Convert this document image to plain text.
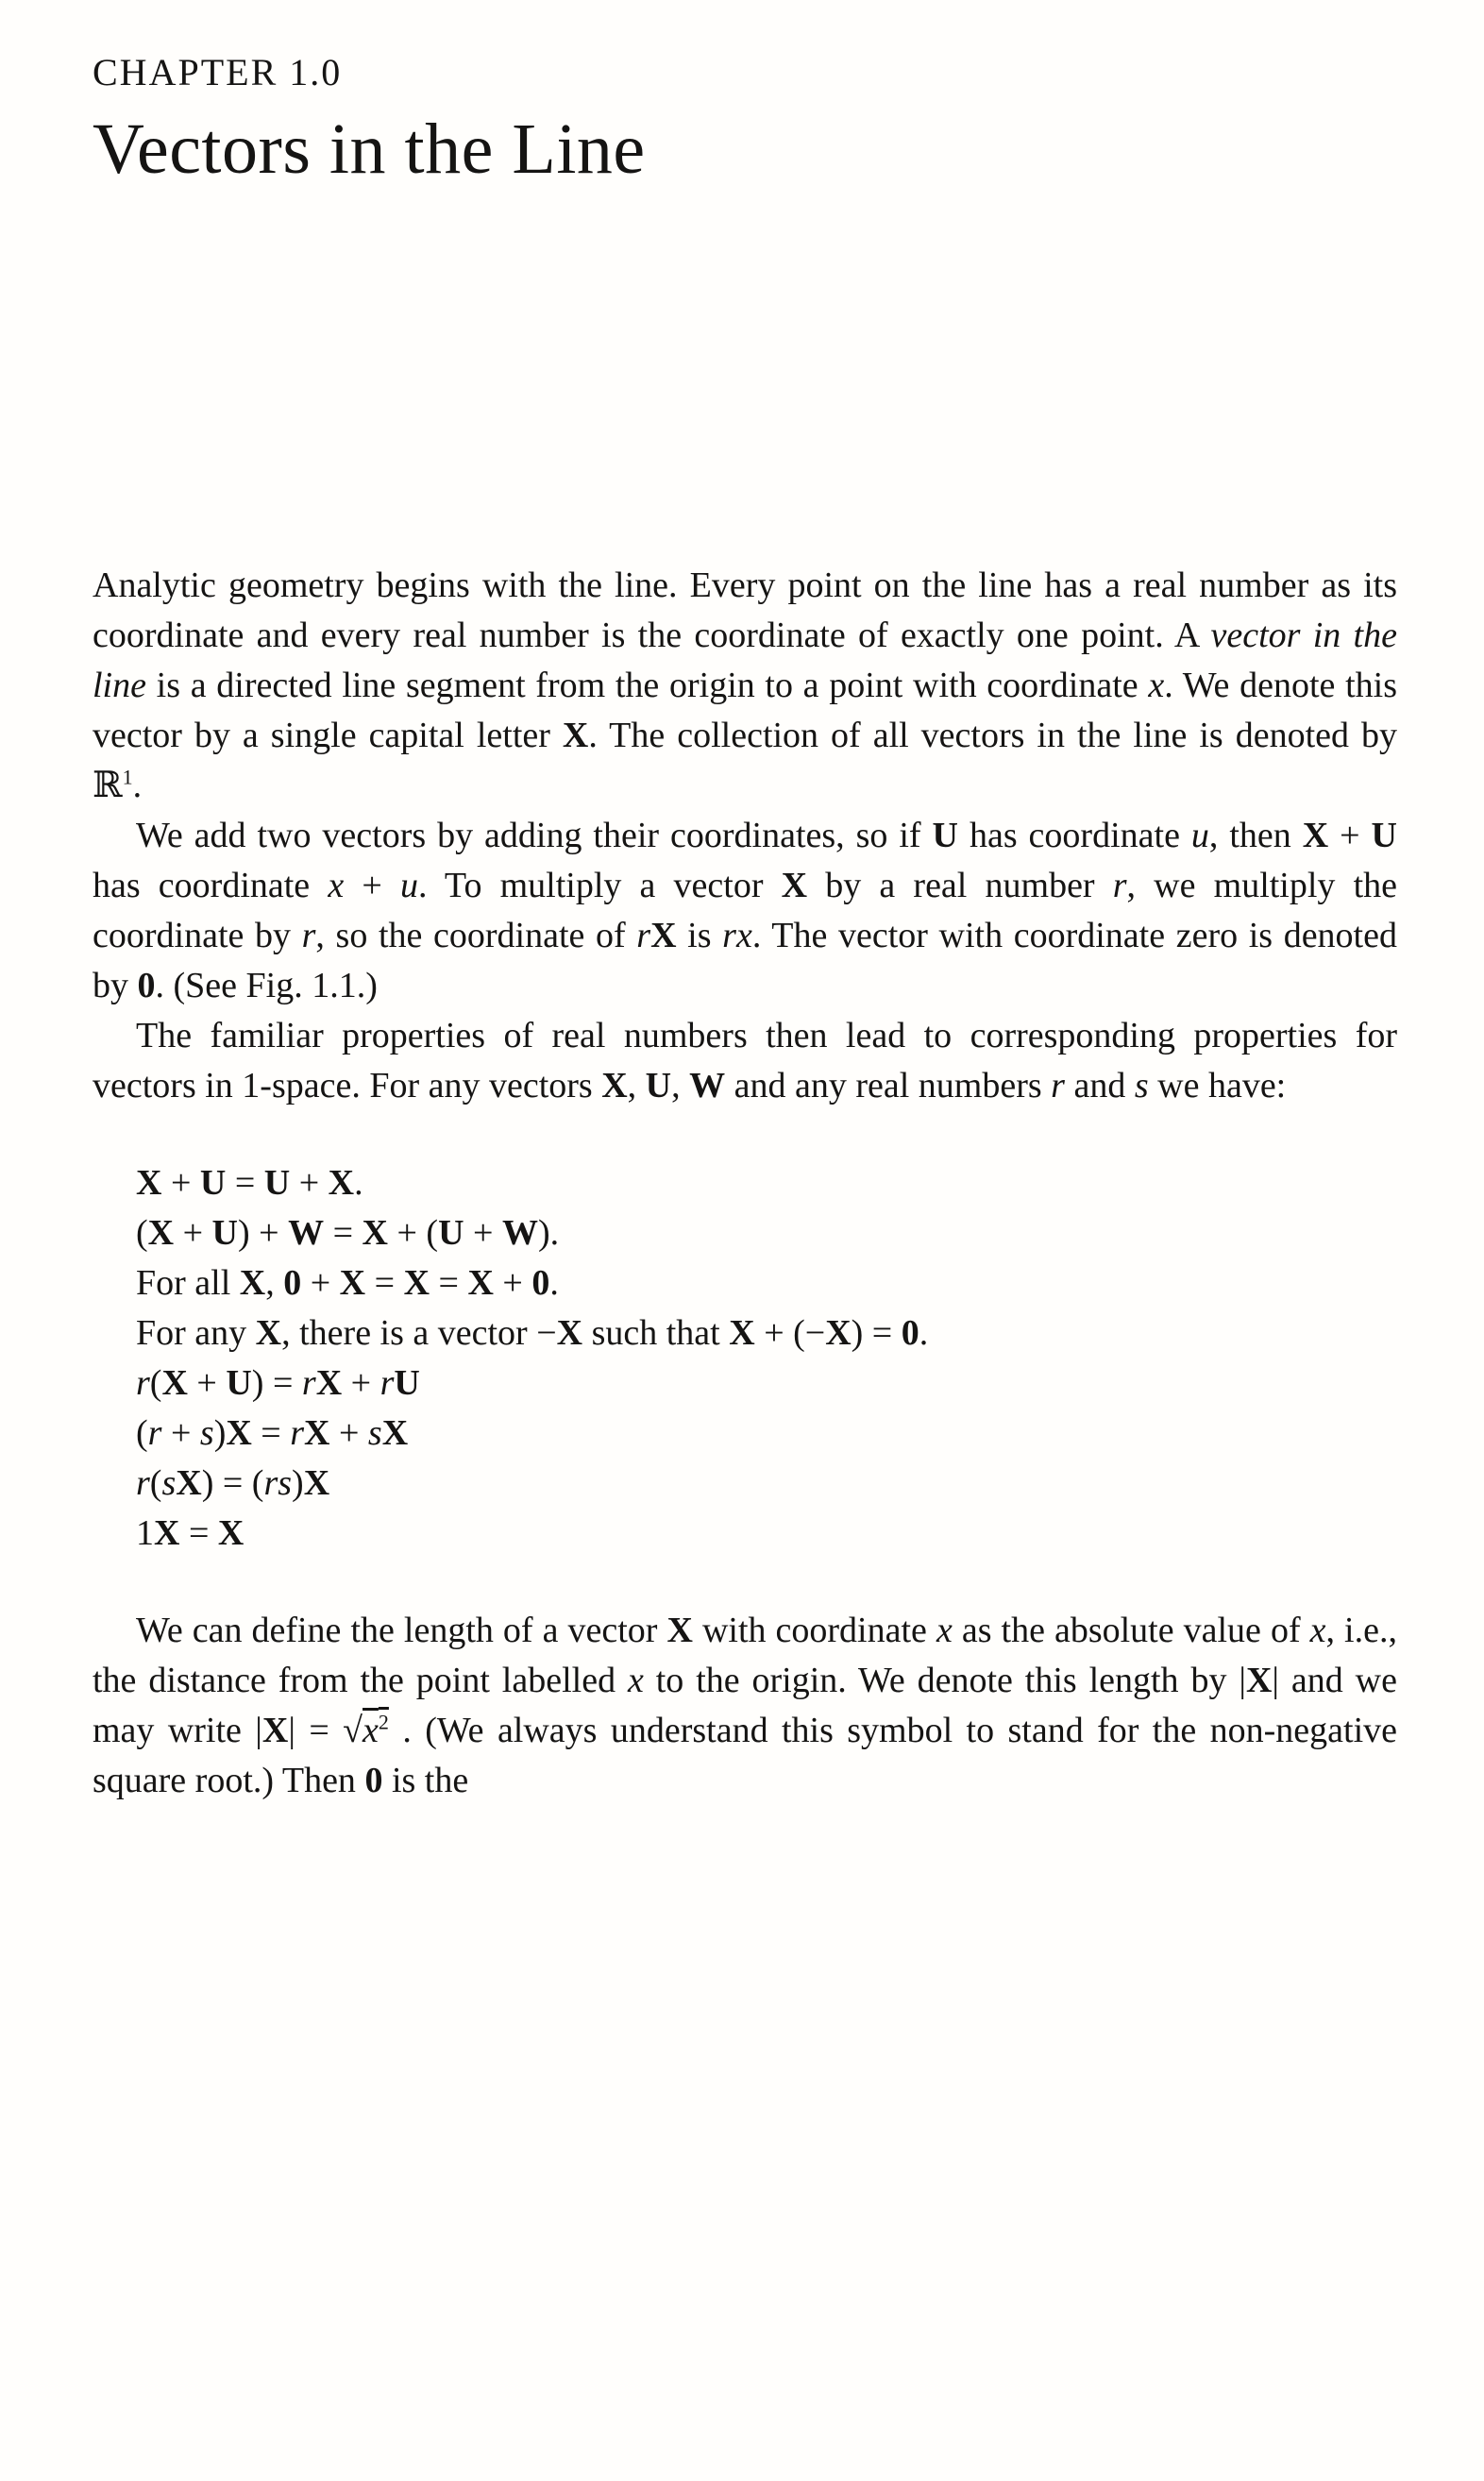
CHAPTER 1.0
Vectors in the Line

Analytic geometry begins with the line. Every point on the line has a real number as its coordinate and every real number is the coordinate of exactly one point. A vector in the line is a directed line segment from the origin to a point with coordinate x. We denote this vector by a single capital letter X. The collection of all vectors in the line is denoted by ℝ$^1$.

We add two vectors by adding their coordinates, so if U has coordinate u, then X + U has coordinate x + u. To multiply a vector X by a real number r, we multiply the coordinate by r, so the coordinate of rX is rx. The vector with coordinate zero is denoted by 0. (See Fig. 1.1.)

The familiar properties of real numbers then lead to corresponding properties for vectors in 1-space. For any vectors X, U, W and any real numbers r and s we have:

X + U = U + X.
(X + U) + W = X + (U + W).
For all X, 0 + X = X = X + 0.
For any X, there is a vector −X such that X + (−X) = 0.
r(X + U) = rX + rU
(r + s)X = rX + sX
r(sX) = (rs)X
1X = X

We can define the length of a vector X with coordinate x as the absolute value of x, i.e., the distance from the point labelled x to the origin. We denote this length by |X| and we may write $|X| = √x^2$ . (We always understand this symbol to stand for the non-negative square root.) Then 0 is the
